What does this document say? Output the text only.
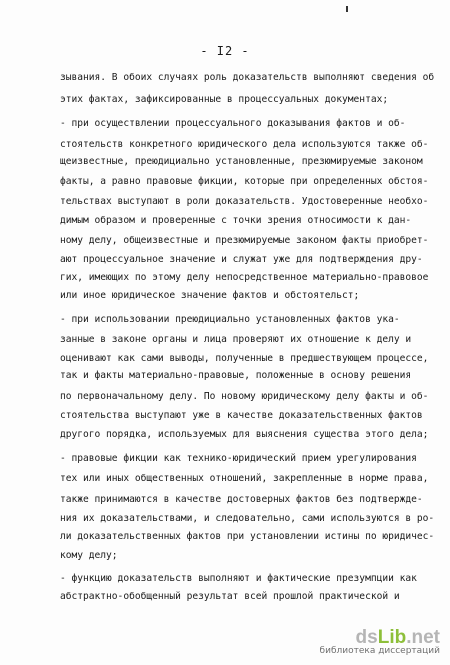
- I2 -
зывания. В обоих случаях роль доказательств выполняют сведения об
этих фактах, зафиксированные в процессуальных документах;
- при осуществлении процессуального доказывания фактов и об-
стоятельств конкретного юридического дела используются также об-
щеизвестные, преюдициально установленные, презюмируемые законом
факты, а равно правовые фикции, которые при определенных обстоя-
тельствах выступают в роли доказательств. Удостоверенные необхо-
димым образом и проверенные с точки зрения относимости к дан-
ному делу, общеизвестные и презюмируемые законом факты приобрет-
ают процессуальное значение и служат уже для подтверждения дру-
гих, имеющих по этому делу непосредственное материально-правовое
или иное юридическое значение фактов и обстоятельст;
- при использовании преюдициально установленных фактов ука-
занные в законе органы и лица проверяют их отношение к делу и
оценивают как сами выводы, полученные в предшествующем процессе,
так и факты материально-правовые, положенные в основу решения
по первоначальному делу. По новому юридическому делу факты и об-
стоятельства выступают уже в качестве доказательственных фактов
другого порядка, используемых для выяснения существа этого дела;
- правовые фикции как технико-юридический прием урегулирования
тех или иных общественных отношений, закрепленные в норме права,
также принимаются в качестве достоверных фактов без подтвержде-
ния их доказательствами, и следовательно, сами используются в ро-
ли доказательственных фактов при установлении истины по юридичес-
кому делу;
- функцию доказательств выполняют и фактические презумпции как
абстрактно-обобщенный результат всей прошлой практической и
dsLib.net
библиотека диссертаций
